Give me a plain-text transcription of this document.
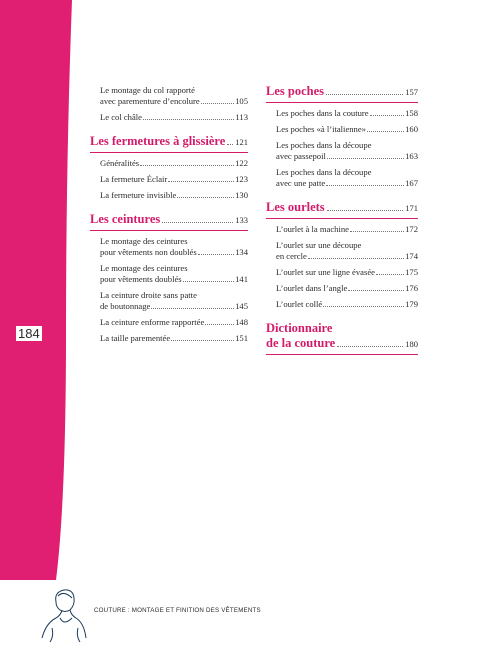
184
Le montage du col rapporté
avec parementure d’encolure	105
Le col châle	113
Les fermetures à glissière 121
Généralités	122
La fermeture Éclair	123
La fermeture invisible	130
Les ceintures	133
Le montage des ceintures
pour vêtements non doublés	134
Le montage des ceintures
pour vêtements doublés	141
La ceinture droite sans patte
de boutonnage	145
La ceinture enforme rapportée	148
La taille parementée	151
Les poches	157
Les poches dans la couture	158
Les poches «à l’italienne»	160
Les poches dans la découpe
avec passepoil	163
Les poches dans la découpe
avec une patte	167
Les ourlets	171
L’ourlet à la machine	172
L’ourlet sur une découpe
en cercle	174
L’ourlet sur une ligne évasée	175
L’ourlet dans l’angle	176
L’ourlet collé	179
Dictionnaire
de la couture	180
COUTURE : MONTAGE ET FINITION DES VÊTEMENTS
